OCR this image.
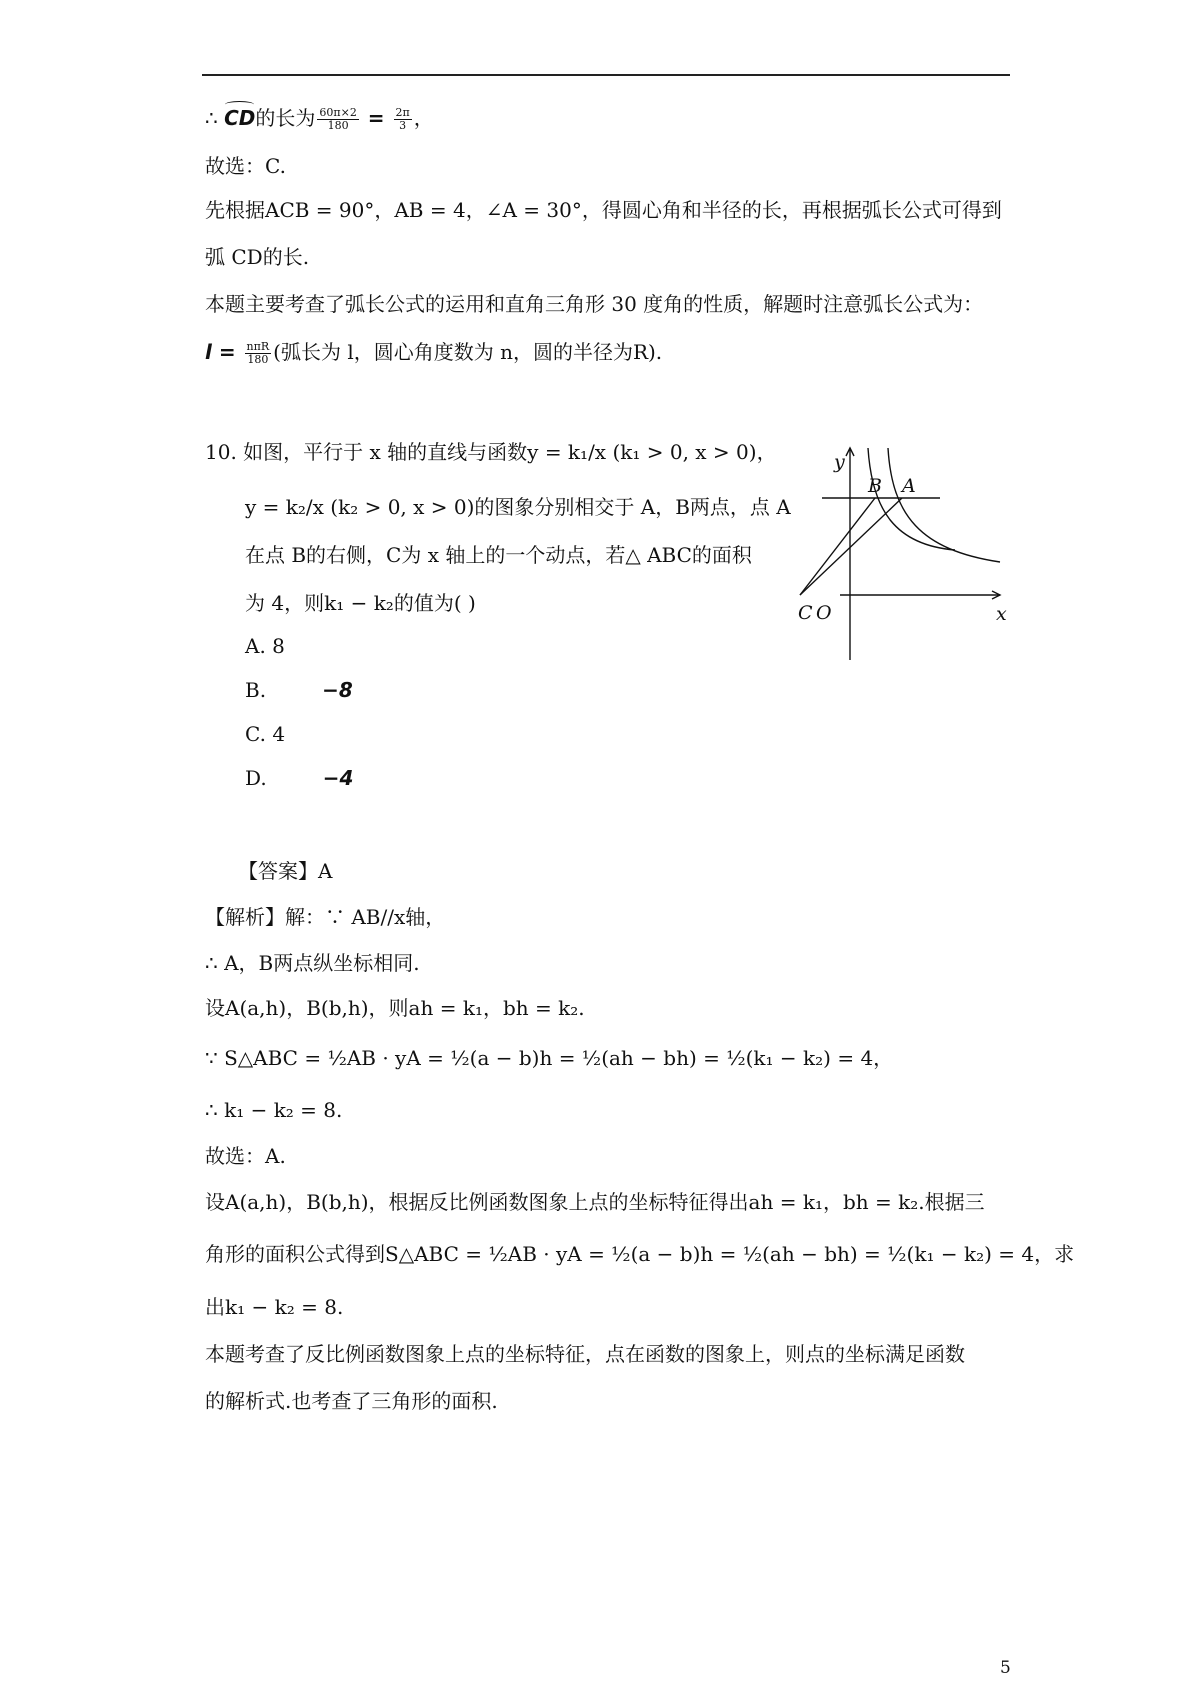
∴ CD的长为 $\frac{60\pi\times 2}{180} = \frac{2\pi}{3}$ ，
故选：C.
先根据ACB = 90°，AB = 4，∠A = 30°，得圆心角和半径的长，再根据弧长公式可得到
弧 CD的长.
本题主要考查了弧长公式的运用和直角三角形 30 度角的性质，解题时注意弧长公式为：
$l = \frac{\text{nπR}}{180}$ (弧长为 l，圆心角度数为 n，圆的半径为R).
10. 如图，平行于 x 轴的直线与函数y = k₁/x (k₁ > 0, x > 0)，
y = k₂/x (k₂ > 0, x > 0)的图象分别相交于 A，B两点，点 A
在点 B的右侧，C为 x 轴上的一个动点，若△ ABC的面积
为 4，则k₁ − k₂的值为( )
A. 8
B.	−8
C. 4
D.	−4
y
x
A
B
C O
【答案】A
【解析】解：∵ AB//x轴，
∴ A，B两点纵坐标相同.
设A(a,h)，B(b,h)，则ah = k₁，bh = k₂.
∵ S△ABC = ½AB · yA = ½(a − b)h = ½(ah − bh) = ½(k₁ − k₂) = 4，
∴ k₁ − k₂ = 8.
故选：A.
设A(a,h)，B(b,h)，根据反比例函数图象上点的坐标特征得出ah = k₁，bh = k₂.根据三
角形的面积公式得到S△ABC = ½AB · yA = ½(a − b)h = ½(ah − bh) = ½(k₁ − k₂) = 4，求
出k₁ − k₂ = 8.
本题考查了反比例函数图象上点的坐标特征，点在函数的图象上，则点的坐标满足函数
的解析式.也考查了三角形的面积.
5
